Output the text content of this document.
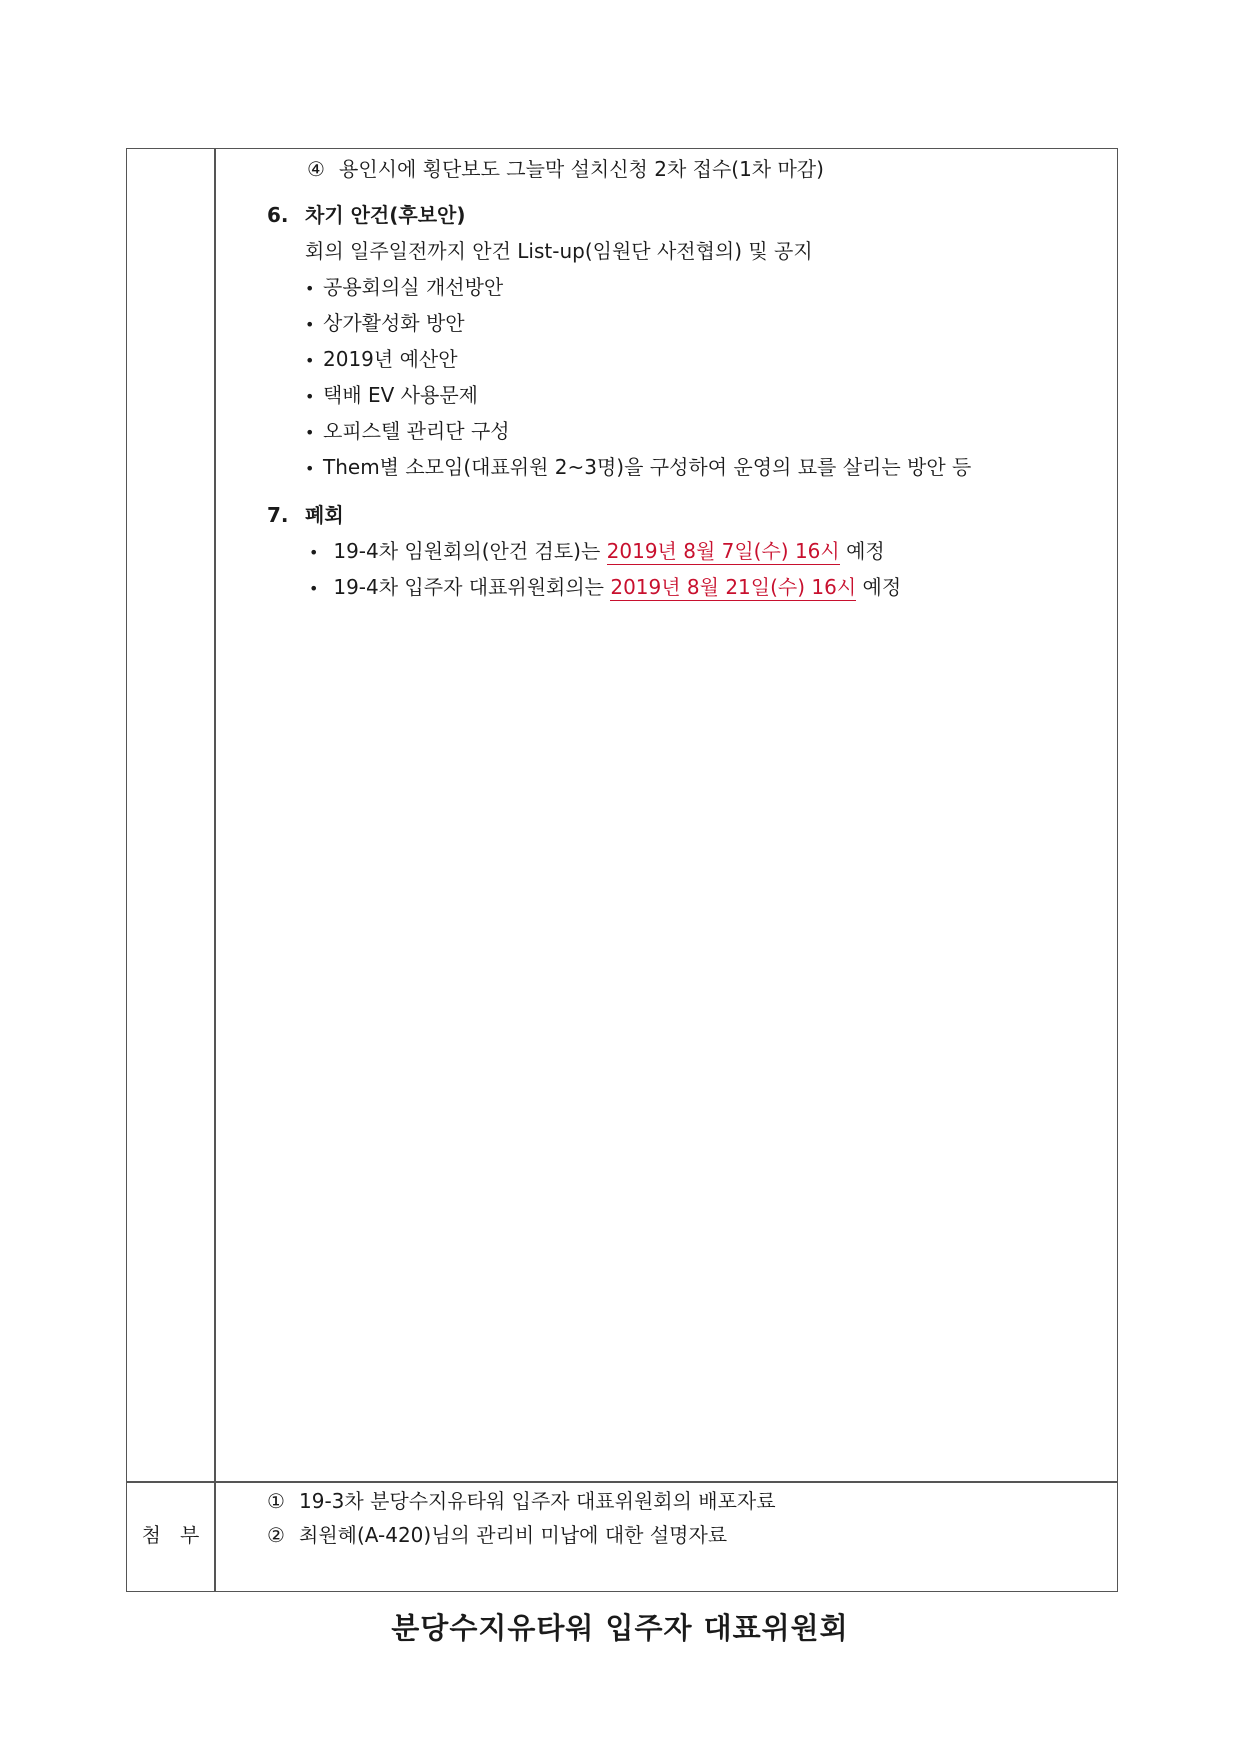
④ 용인시에 횡단보도 그늘막 설치신청 2차 접수(1차 마감)
6. 차기 안건(후보안)
회의 일주일전까지 안건 List-up(임원단 사전협의) 및 공지
• 공용회의실 개선방안
• 상가활성화 방안
• 2019년 예산안
• 택배 EV 사용문제
• 오피스텔 관리단 구성
• Them별 소모임(대표위원 2~3명)을 구성하여 운영의 묘를 살리는 방안 등
7. 폐회
• 19-4차 임원회의(안건 검토)는 2019년 8월 7일(수) 16시 예정
• 19-4차 입주자 대표위원회의는 2019년 8월 21일(수) 16시 예정
첨   부
① 19-3차 분당수지유타워 입주자 대표위원회의 배포자료
② 최원혜(A-420)님의 관리비 미납에 대한 설명자료
분당수지유타워 입주자 대표위원회
